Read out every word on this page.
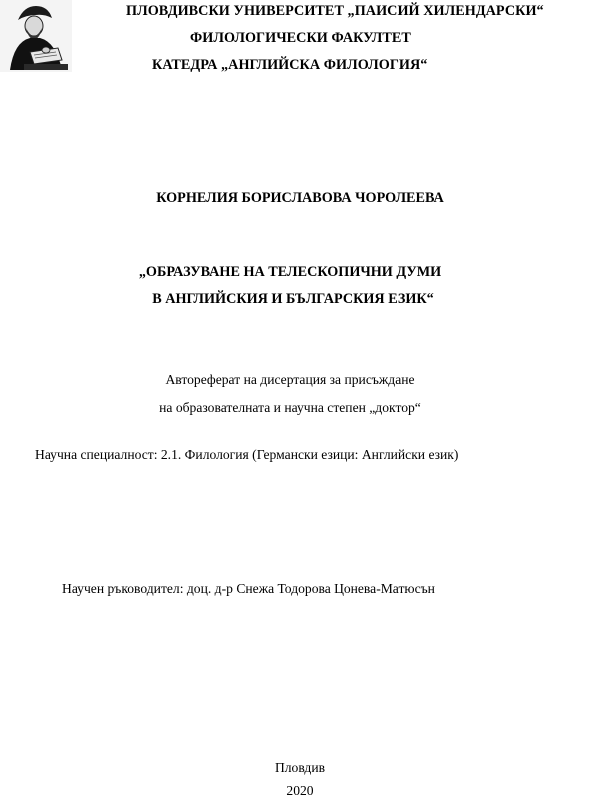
ПЛОВДИВСКИ УНИВЕРСИТЕТ „ПАИСИЙ ХИЛЕНДАРСКИ“
ФИЛОЛОГИЧЕСКИ ФАКУЛТЕТ
КАТЕДРА „АНГЛИЙСКА ФИЛОЛОГИЯ“
КОРНЕЛИЯ БОРИСЛАВОВА ЧОРОЛЕЕВА
„ОБРАЗУВАНЕ НА ТЕЛЕСКОПИЧНИ ДУМИ
В АНГЛИЙСКИЯ И БЪЛГАРСКИЯ ЕЗИК“
Автореферат на дисертация за присъждане
на образователната и научна степен „доктор“
Научна специалност: 2.1. Филология (Германски езици: Английски език)
Научен ръководител: доц. д-р Снежа Тодорова Цонева-Матюсън
Пловдив
2020
